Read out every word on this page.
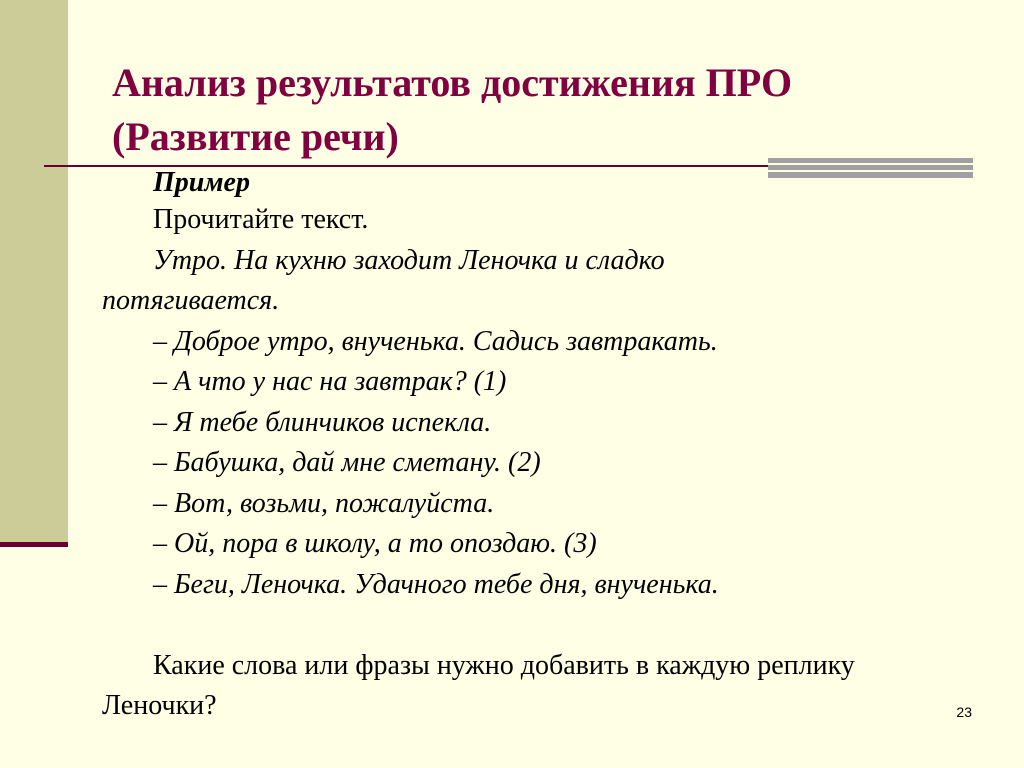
Анализ результатов достижения ПРО (Развитие речи)

Пример

Прочитайте текст.

Утро. На кухню заходит Леночка и сладко

потягивается.

– Доброе утро, внученька. Садись завтракать.

– А что у нас на завтрак? (1)

– Я тебе блинчиков испекла.

– Бабушка, дай мне сметану. (2)

– Вот, возьми, пожалуйста.

– Ой, пора в школу, а то опоздаю. (3)

– Беги, Леночка. Удачного тебе дня, внученька.

Какие слова или фразы нужно добавить в каждую реплику Леночки?	23
